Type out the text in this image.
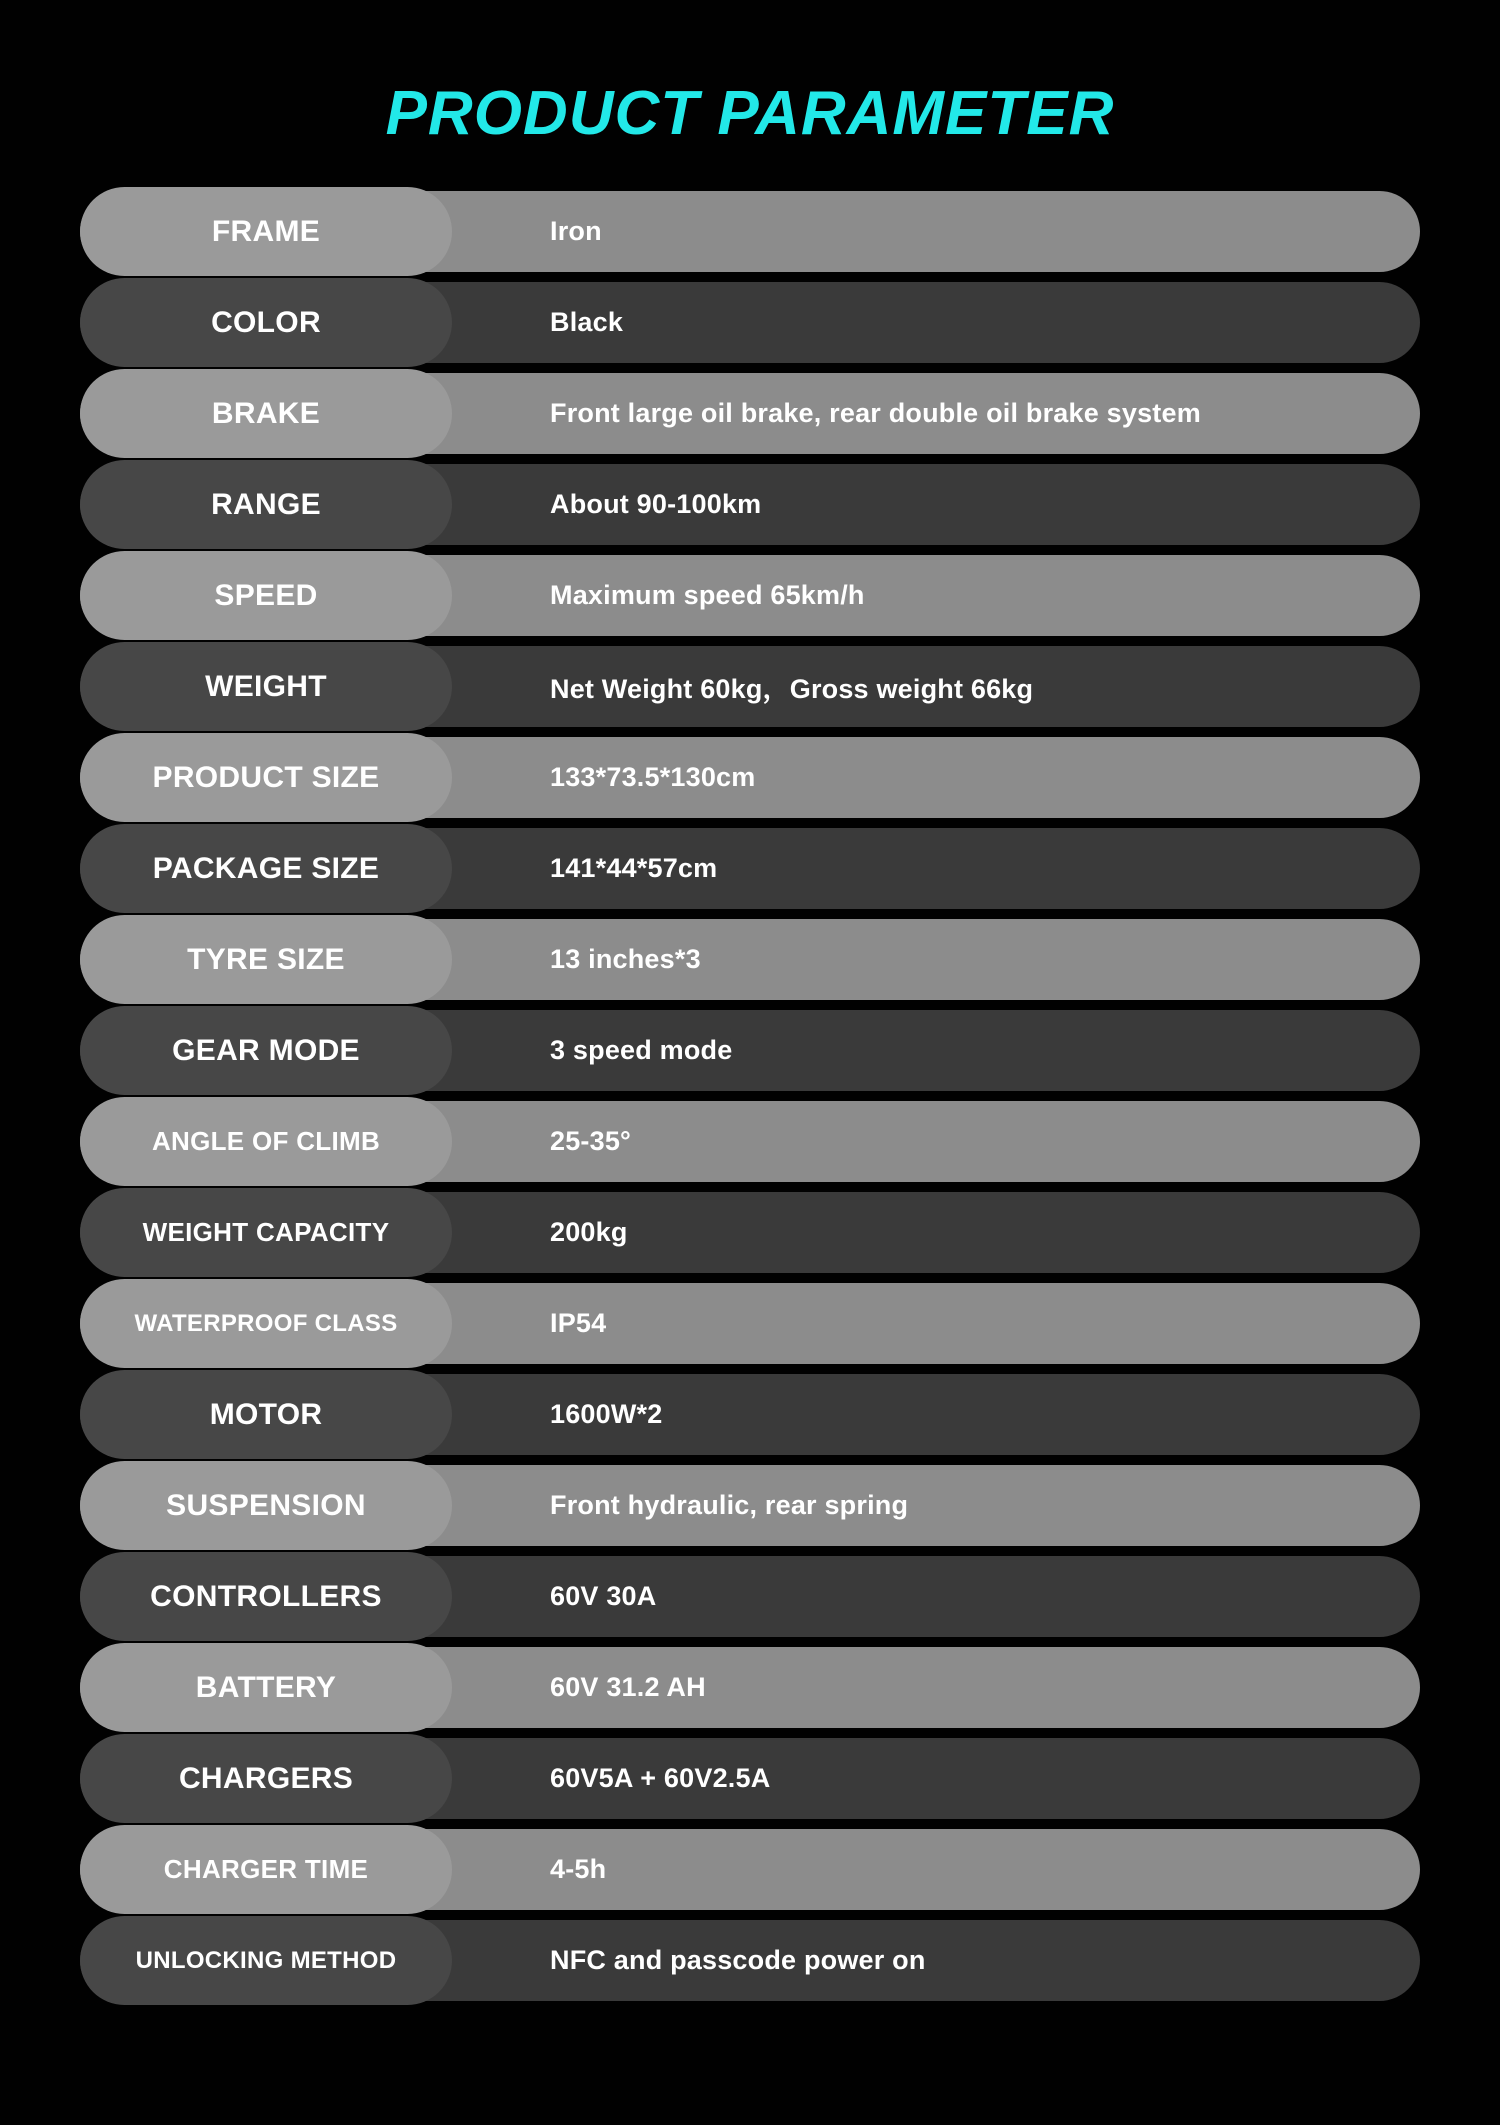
PRODUCT PARAMETER
Iron
FRAME
Black
COLOR
Front large oil brake, rear double oil brake system
BRAKE
About 90-100km
RANGE
Maximum speed 65km/h
SPEED
Net Weight 60kg，Gross weight 66kg
WEIGHT
133*73.5*130cm
PRODUCT SIZE
141*44*57cm
PACKAGE SIZE
13 inches*3
TYRE SIZE
3 speed mode
GEAR MODE
25-35°
ANGLE OF CLIMB
200kg
WEIGHT CAPACITY
IP54
WATERPROOF CLASS
1600W*2
MOTOR
Front hydraulic, rear spring
SUSPENSION
60V 30A
CONTROLLERS
60V 31.2 AH
BATTERY
60V5A + 60V2.5A
CHARGERS
4-5h
CHARGER TIME
NFC and passcode power on
UNLOCKING METHOD
